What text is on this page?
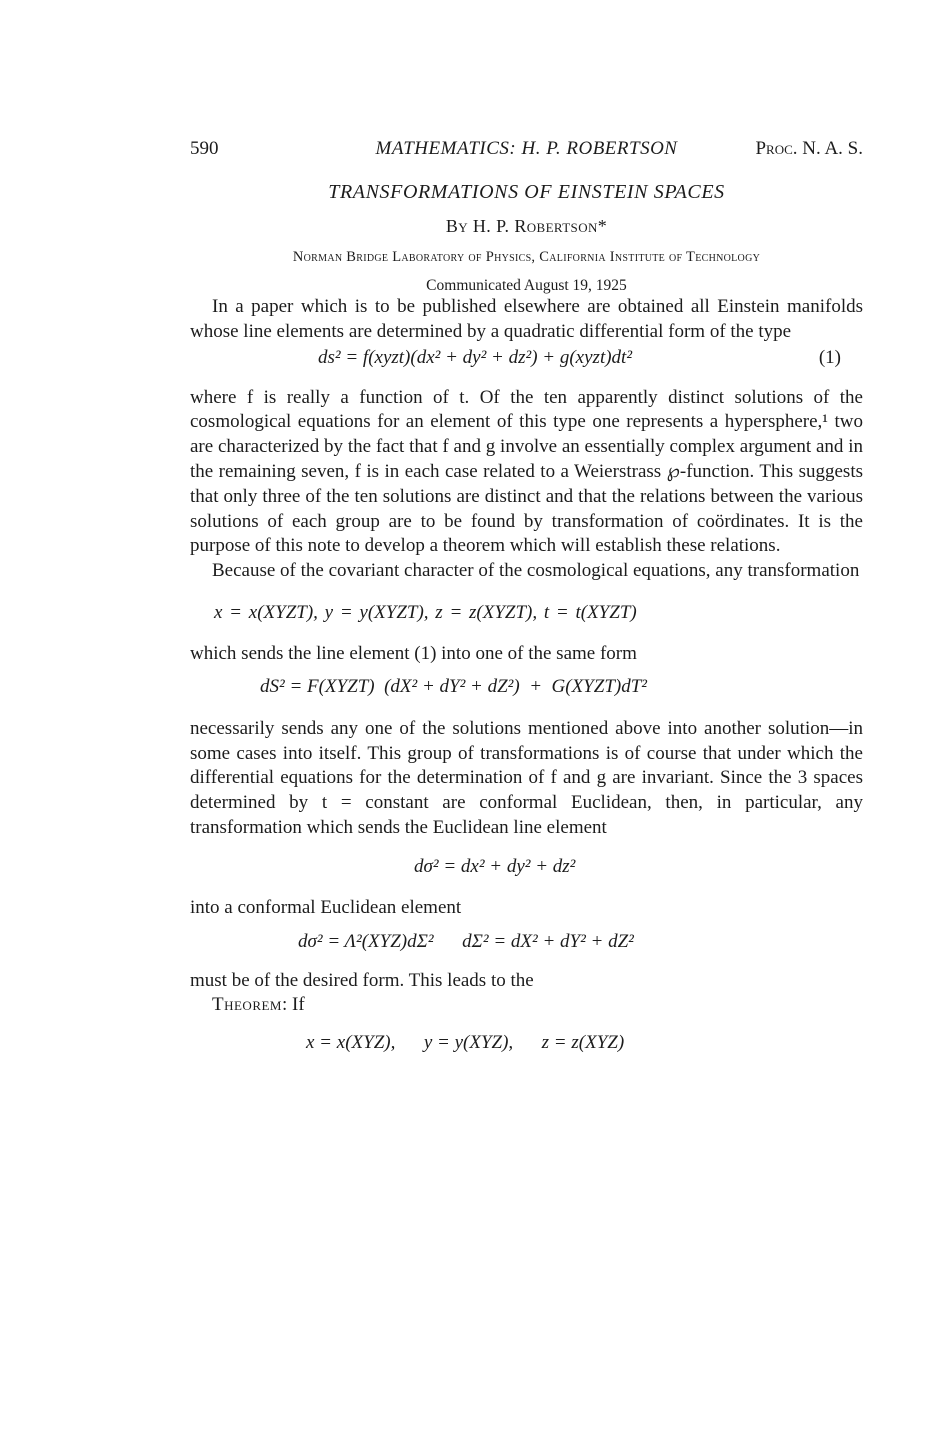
590	MATHEMATICS: H. P. ROBERTSON	Proc. N. A. S.
TRANSFORMATIONS OF EINSTEIN SPACES
By H. P. Robertson*
Norman Bridge Laboratory of Physics, California Institute of Technology
Communicated August 19, 1925

In a paper which is to be published elsewhere are obtained all Einstein manifolds whose line elements are determined by a quadratic differential form of the type

ds² = f(xyzt)(dx² + dy² + dz²) + g(xyzt)dt²	(1)

where f is really a function of t. Of the ten apparently distinct solutions of the cosmological equations for an element of this type one represents a hypersphere,¹ two are characterized by the fact that f and g involve an essentially complex argument and in the remaining seven, f is in each case related to a Weierstrass ℘-function. This suggests that only three of the ten solutions are distinct and that the relations between the various solutions of each group are to be found by transformation of coördinates. It is the purpose of this note to develop a theorem which will establish these relations.

Because of the covariant character of the cosmological equations, any transformation

x = x(XYZT), y = y(XYZT), z = z(XYZT), t = t(XYZT)

which sends the line element (1) into one of the same form

dS² = F(XYZT)  (dX² + dY² + dZ²)  +  G(XYZT)dT²

necessarily sends any one of the solutions mentioned above into another solution—in some cases into itself. This group of transformations is of course that under which the differential equations for the determination of f and g are invariant. Since the 3 spaces determined by t = constant are conformal Euclidean, then, in particular, any transformation which sends the Euclidean line element

dσ² = dx² + dy² + dz²

into a conformal Euclidean element

dσ² = Λ²(XYZ)dΣ²      dΣ² = dX² + dY² + dZ²

must be of the desired form. This leads to the

Theorem: If

x = x(XYZ),      y = y(XYZ),      z = z(XYZ)
